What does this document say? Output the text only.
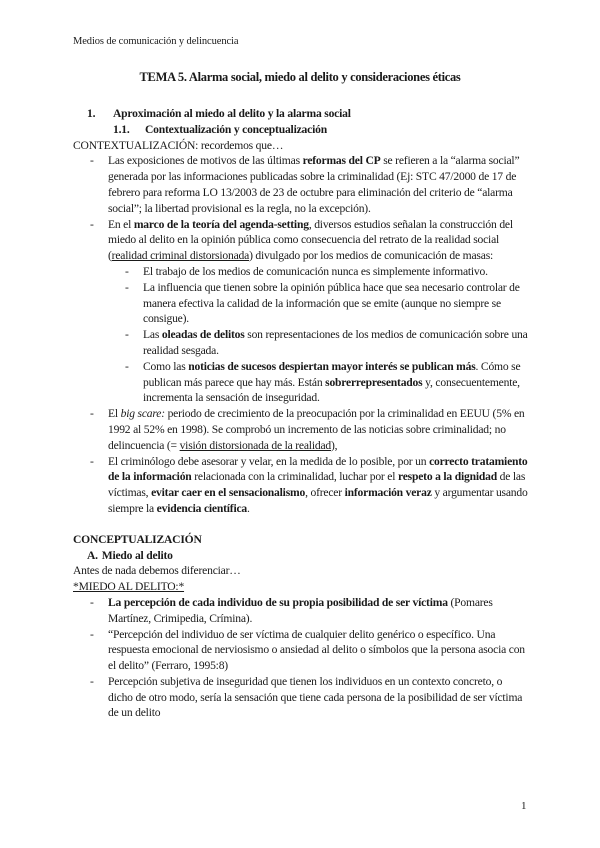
Medios de comunicación y delincuencia
TEMA 5. Alarma social, miedo al delito y consideraciones éticas

1. Aproximación al miedo al delito y la alarma social

1.1. Contextualización y conceptualización

CONTEXTUALIZACIÓN: recordemos que…

- Las exposiciones de motivos de las últimas reformas del CP se refieren a la “alarma social” generada por las informaciones publicadas sobre la criminalidad (Ej: STC 47/2000 de 17 de febrero para reforma LO 13/2003 de 23 de octubre para eliminación del criterio de “alarma social”; la libertad provisional es la regla, no la excepción).
- En el marco de la teoría del agenda-setting, diversos estudios señalan la construcción del miedo al delito en la opinión pública como consecuencia del retrato de la realidad social (realidad criminal distorsionada) divulgado por los medios de comunicación de masas:
- El trabajo de los medios de comunicación nunca es simplemente informativo.
- La influencia que tienen sobre la opinión pública hace que sea necesario controlar de manera efectiva la calidad de la información que se emite (aunque no siempre se consigue).
- Las oleadas de delitos son representaciones de los medios de comunicación sobre una realidad sesgada.
- Como las noticias de sucesos despiertan mayor interés se publican más. Cómo se publican más parece que hay más. Están sobrerrepresentados y, consecuentemente, incrementa la sensación de inseguridad.
- El big scare: periodo de crecimiento de la preocupación por la criminalidad en EEUU (5% en 1992 al 52% en 1998). Se comprobó un incremento de las noticias sobre criminalidad; no delincuencia (= visión distorsionada de la realidad),
- El criminólogo debe asesorar y velar, en la medida de lo posible, por un correcto tratamiento de la información relacionada con la criminalidad, luchar por el respeto a la dignidad de las víctimas, evitar caer en el sensacionalismo, ofrecer información veraz y argumentar usando siempre la evidencia científica.

CONCEPTUALIZACIÓN

A. Miedo al delito

Antes de nada debemos diferenciar…

*MIEDO AL DELITO:*

- La percepción de cada individuo de su propia posibilidad de ser víctima (Pomares Martínez, Crimipedia, Crímina).
- “Percepción del individuo de ser víctima de cualquier delito genérico o específico. Una respuesta emocional de nerviosismo o ansiedad al delito o símbolos que la persona asocia con el delito” (Ferraro, 1995:8)
- Percepción subjetiva de inseguridad que tienen los individuos en un contexto concreto, o dicho de otro modo, sería la sensación que tiene cada persona de la posibilidad de ser víctima de un delito
1
